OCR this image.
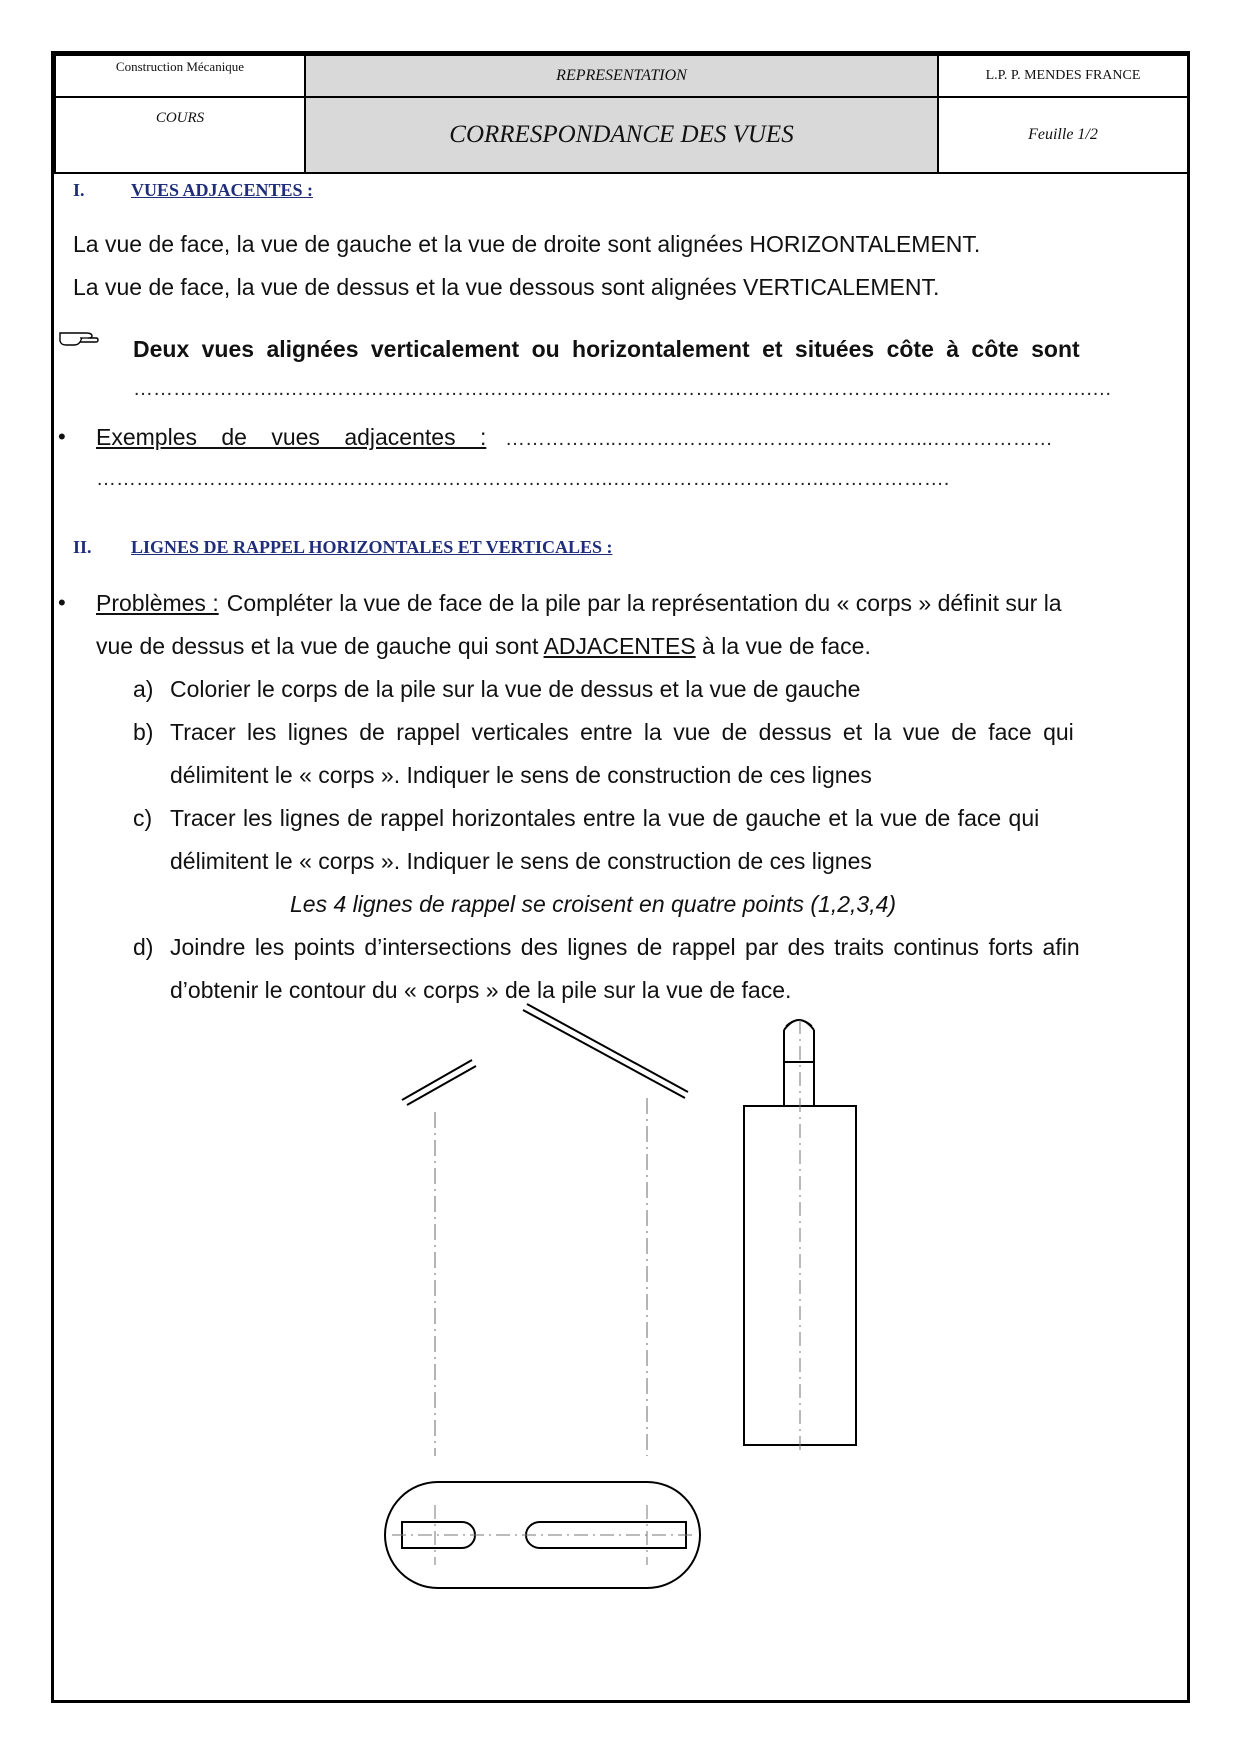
Construction Mécanique	REPRESENTATION	L.P. P. MENDES FRANCE
COURS	CORRESPONDANCE DES VUES	Feuille 1/2
I.	VUES ADJACENTES :
La vue de face, la vue de gauche et la vue de droite sont alignées HORIZONTALEMENT.
La vue de face, la vue de dessus et la vue dessous sont alignées VERTICALEMENT.
Deux vues alignées verticalement ou horizontalement et situées côte à côte sont
…………………..………………………….……………………….……….………………………….………………….…
• Exemples de vues adjacentes : ……………..………………………………………...………………
…………………………………………….……………………..…………………………..……………….
II. LIGNES DE RAPPEL HORIZONTALES ET VERTICALES :
• Problèmes : Compléter la vue de face de la pile par la représentation du « corps » définit sur la
vue de dessus et la vue de gauche qui sont ADJACENTES à la vue de face.
a) Colorier le corps de la pile sur la vue de dessus et la vue de gauche
b) Tracer les lignes de rappel verticales entre la vue de dessus et la vue de face qui
délimitent le « corps ». Indiquer le sens de construction de ces lignes
c) Tracer les lignes de rappel horizontales entre la vue de gauche et la vue de face qui
délimitent le « corps ». Indiquer le sens de construction de ces lignes
Les 4 lignes de rappel se croisent en quatre points (1,2,3,4)
d) Joindre les points d’intersections des lignes de rappel par des traits continus forts afin
d’obtenir le contour du « corps » de la pile sur la vue de face.
